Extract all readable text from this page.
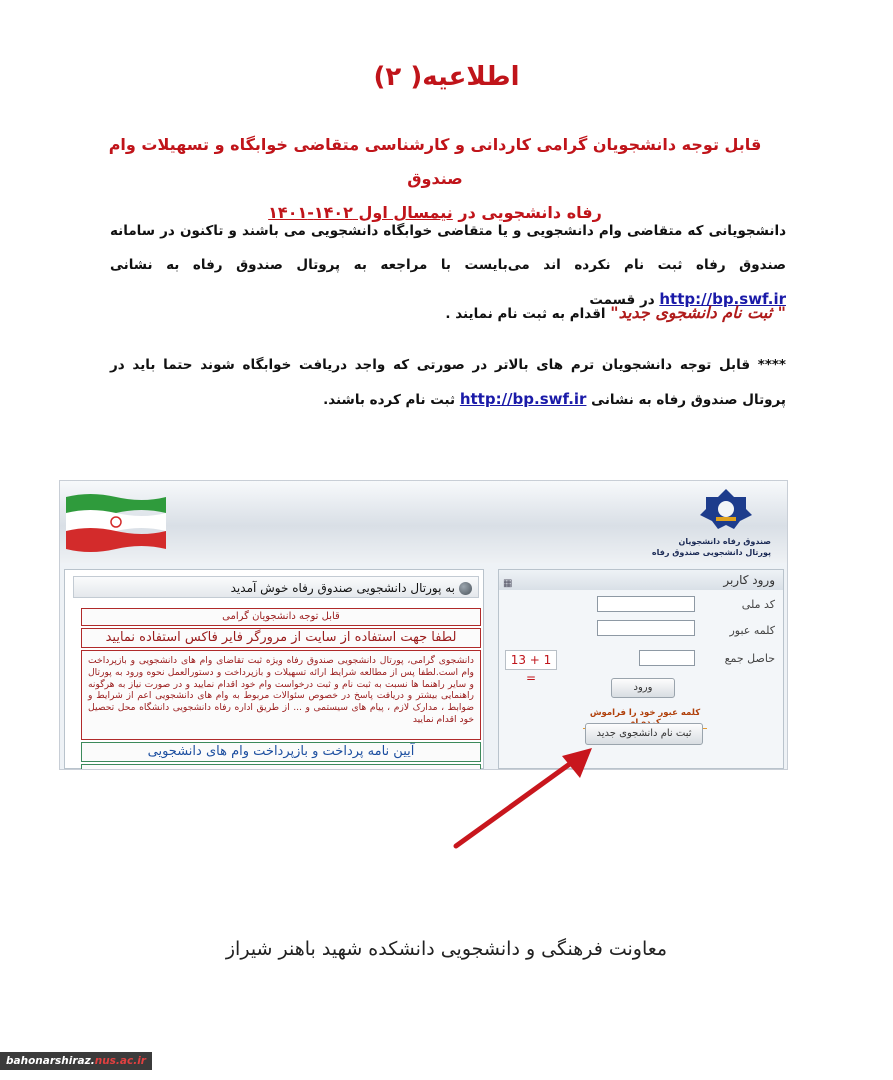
اطلاعیه( ۲)
قابل توجه دانشجویان گرامی کاردانی و کارشناسی متقاضی خوابگاه و تسهیلات وام صندوق
رفاه دانشجویی در نیمسال اول ۱۴۰۲-۱۴۰۱
دانشجویانی که متقاضی وام دانشجویی و یا متقاضی خوابگاه دانشجویی می باشند و تاکنون در سامانه صندوق رفاه ثبت نام نکرده اند می‌بایست با مراجعه به پروتال صندوق رفاه به نشانی http://bp.swf.ir در قسمت
" ثبت نام دانشجوی جدید" اقدام به ثبت نام نمایند .
**** قابل توجه دانشجویان ترم های بالاتر در صورتی که واجد دریافت خوابگاه شوند حتما باید در پروتال صندوق رفاه به نشانی http://bp.swf.ir ثبت نام کرده باشند.
صندوق رفاه دانشجویان
پورتال دانشجویی صندوق رفاه
به پورتال دانشجویی صندوق رفاه خوش آمدید
قابل توجه دانشجویان گرامی
لطفا جهت استفاده از سایت از مرورگر فایر فاکس استفاده نمایید
دانشجوی گرامی، پورتال دانشجویی صندوق رفاه ویژه ثبت تقاضای وام های دانشجویی و بازپرداخت وام است.لطفا پس از مطالعه شرایط ارائه تسهیلات و بازپرداخت و دستورالعمل نحوه ورود به پورتال و سایر راهنما ها نسبت به ثبت نام و ثبت درخواست وام خود اقدام نمایید و در صورت نیاز به هرگونه راهنمایی بیشتر و دریافت پاسخ در خصوص سئوالات مربوط به وام های دانشجویی اعم از شرایط و ضوابط ، مدارک لازم ، پیام های سیستمی و ... از طریق اداره رفاه دانشجویی دانشگاه محل تحصیل خود اقدام نمایید
آیین نامه پرداخت و بازپرداخت وام های دانشجویی
▦	ورود کاربر
کد ملی
کلمه عبور
حاصل جمع
13 + 1 =
ورود
کلمه عبور خود را فراموش
ثبت نام دانشجوی جدید
معاونت فرهنگی و دانشجویی دانشکده شهید باهنر شیراز
bahonarshiraz.nus.ac.ir
